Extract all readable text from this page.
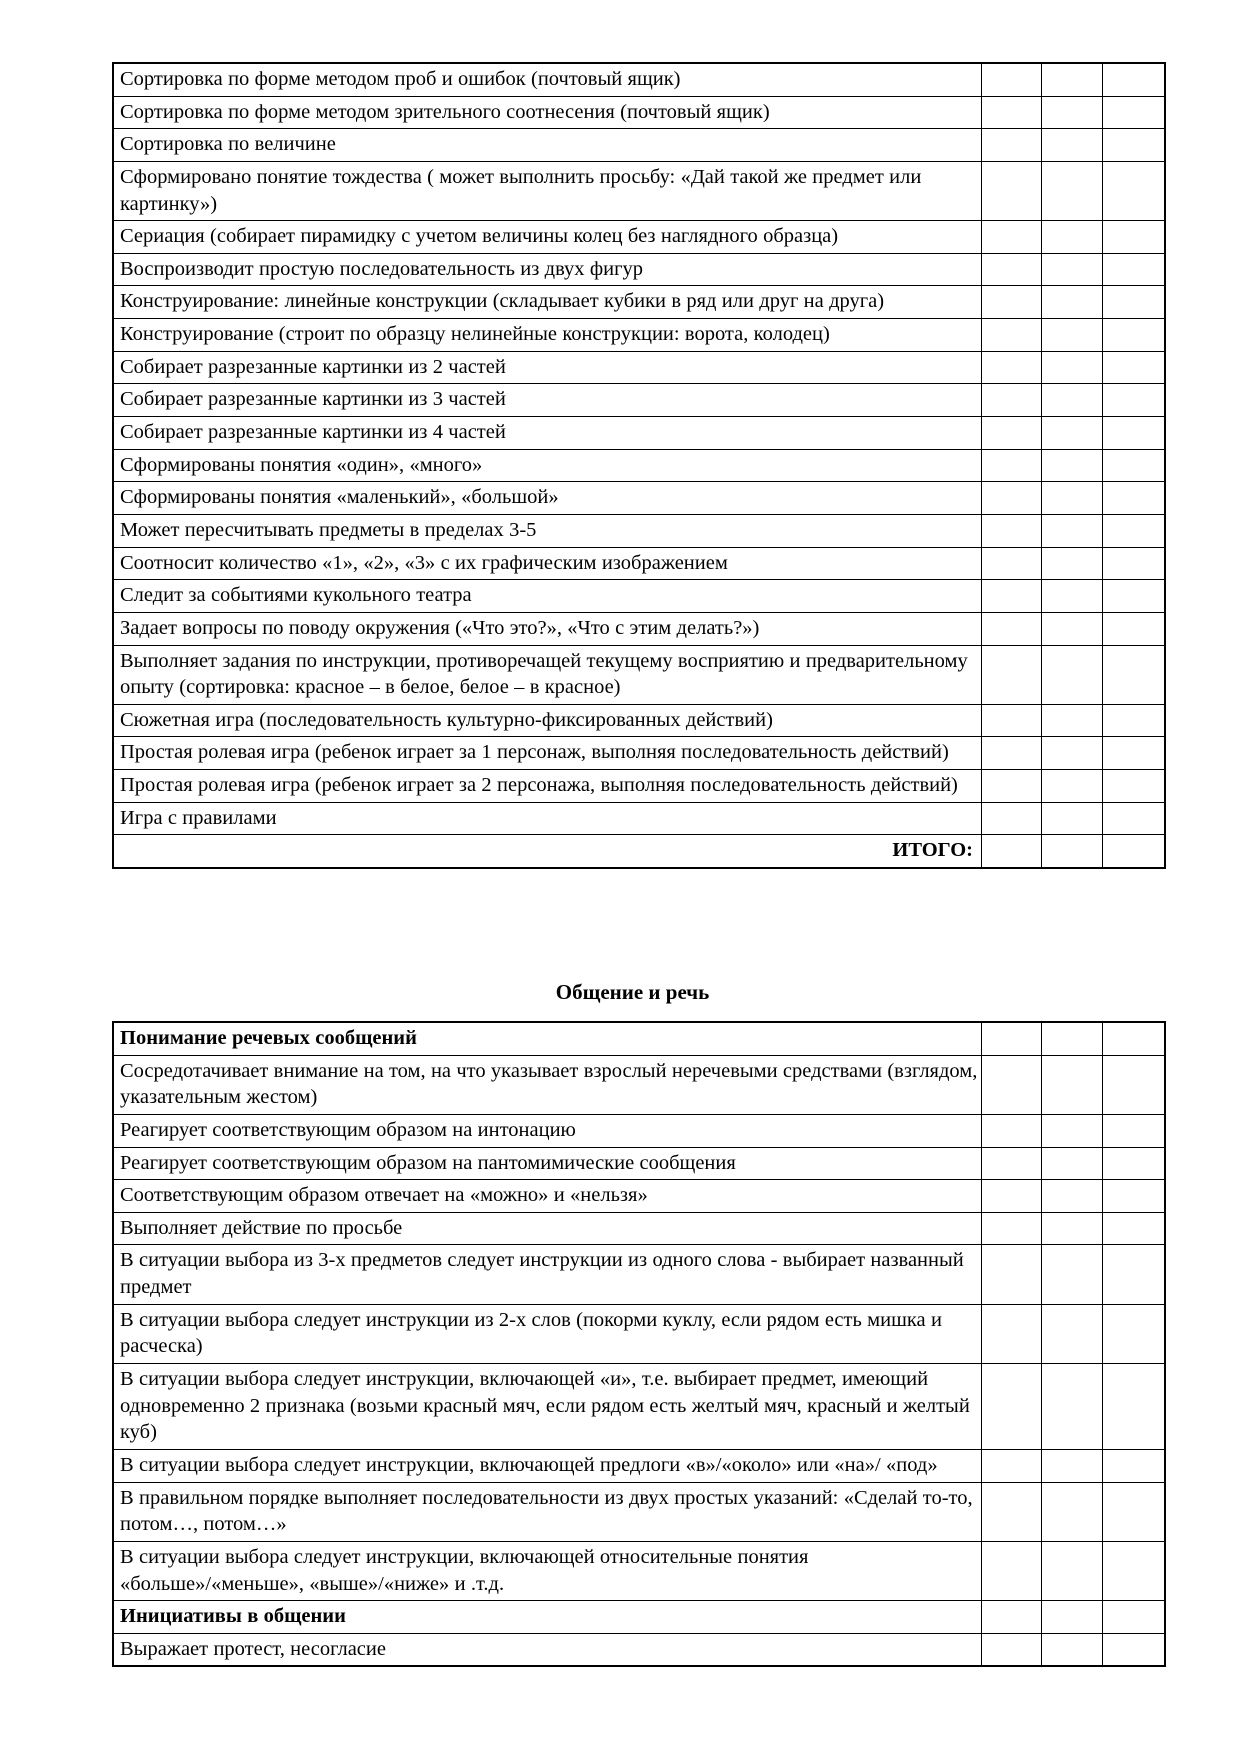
Сортировка по форме методом проб и ошибок (почтовый ящик)			
Сортировка по форме методом зрительного соотнесения (почтовый ящик)			
Сортировка по величине			
Сформировано понятие тождества ( может выполнить просьбу: «Дай такой же предмет или картинку»)			
Сериация (собирает пирамидку с учетом величины колец без наглядного образца)			
Воспроизводит простую последовательность из двух фигур			
Конструирование: линейные конструкции (складывает кубики в ряд или друг на друга)			
Конструирование (строит по образцу нелинейные конструкции: ворота, колодец)			
Собирает разрезанные картинки из 2 частей			
Собирает разрезанные картинки из 3 частей			
Собирает разрезанные картинки из 4 частей			
Сформированы понятия «один», «много»			
Сформированы понятия «маленький», «большой»			
Может пересчитывать предметы в пределах 3-5			
Соотносит количество «1», «2», «3» с их графическим изображением			
Следит за событиями кукольного театра			
Задает вопросы по поводу окружения («Что это?», «Что с этим делать?»)			
Выполняет задания по инструкции, противоречащей текущему восприятию и предварительному опыту (сортировка: красное – в белое, белое – в красное)			
Сюжетная игра (последовательность культурно-фиксированных действий)			
Простая ролевая игра (ребенок играет за 1 персонаж, выполняя последовательность действий)			
Простая ролевая игра (ребенок играет за 2 персонажа, выполняя последовательность действий)			
Игра с правилами			
ИТОГО:			
Общение и речь
Понимание речевых сообщений			
Сосредотачивает внимание на том, на что указывает взрослый неречевыми средствами (взглядом, указательным жестом)			
Реагирует соответствующим образом на интонацию			
Реагирует соответствующим образом на пантомимические сообщения			
Соответствующим образом отвечает на «можно» и «нельзя»			
Выполняет действие по просьбе			
В ситуации выбора из 3-х предметов следует инструкции из одного слова - выбирает названный предмет			
В ситуации выбора следует инструкции из 2-х слов (покорми куклу, если рядом есть мишка и расческа)			
В ситуации выбора следует инструкции, включающей «и», т.е. выбирает предмет, имеющий одновременно 2 признака (возьми красный мяч, если рядом есть желтый мяч, красный и желтый куб)			
В ситуации выбора следует инструкции, включающей предлоги «в»/«около» или «на»/ «под»			
В правильном порядке выполняет последовательности из двух простых указаний: «Сделай то-то, потом…, потом…»			
В ситуации выбора следует инструкции, включающей относительные понятия «больше»/«меньше», «выше»/«ниже» и .т.д.			
Инициативы в общении			
Выражает протест, несогласие			
